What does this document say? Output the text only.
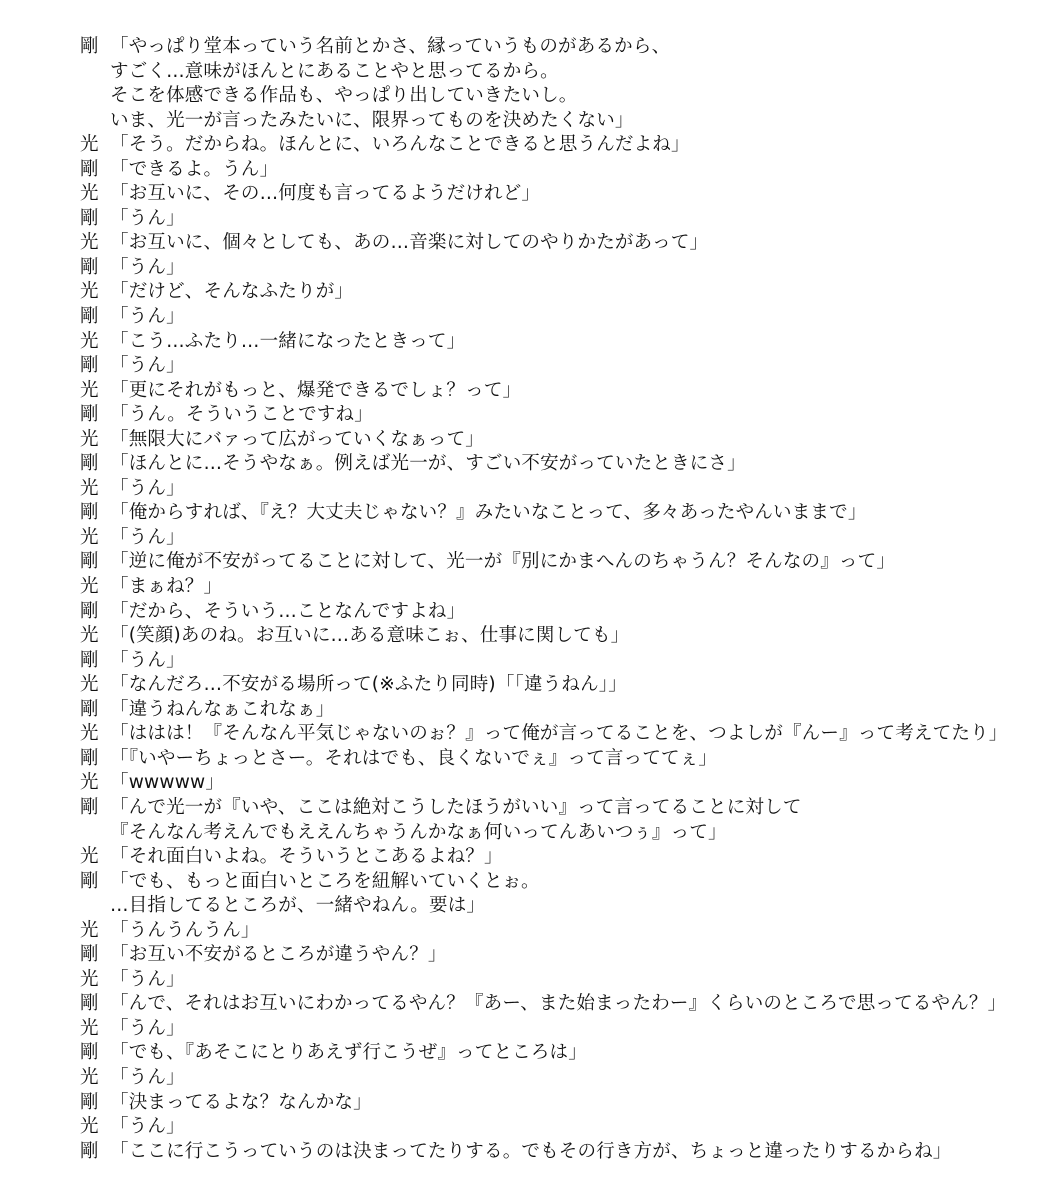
剛 「やっぱり堂本っていう名前とかさ、縁っていうものがあるから、
すごく…意味がほんとにあることやと思ってるから。
そこを体感できる作品も、やっぱり出していきたいし。
いま、光一が言ったみたいに、限界ってものを決めたくない」
光 「そう。だからね。ほんとに、いろんなことできると思うんだよね」
剛 「できるよ。うん」
光 「お互いに、その…何度も言ってるようだけれど」
剛 「うん」
光 「お互いに、個々としても、あの…音楽に対してのやりかたがあって」
剛 「うん」
光 「だけど、そんなふたりが」
剛 「うん」
光 「こう…ふたり…一緒になったときって」
剛 「うん」
光 「更にそれがもっと、爆発できるでしょ？って」
剛 「うん。そういうことですね」
光 「無限大にバァって広がっていくなぁって」
剛 「ほんとに…そうやなぁ。例えば光一が、すごい不安がっていたときにさ」
光 「うん」
剛 「俺からすれば、『え？大丈夫じゃない？』みたいなことって、多々あったやんいままで」
光 「うん」
剛 「逆に俺が不安がってることに対して、光一が『別にかまへんのちゃうん？そんなの』って」
光 「まぁね？」
剛 「だから、そういう…ことなんですよね」
光 「(笑顔)あのね。お互いに…ある意味こぉ、仕事に関しても」
剛 「うん」
光 「なんだろ…不安がる場所って(※ふたり同時)「「違うねん」」
剛 「違うねんなぁこれなぁ」
光 「ははは！『そんなん平気じゃないのぉ？』って俺が言ってることを、つよしが『んー』って考えてたり」
剛 「『いやーちょっとさー。それはでも、良くないでぇ』って言っててぇ」
光 「wwwww」
剛 「んで光一が『いや、ここは絶対こうしたほうがいい』って言ってることに対して
『そんなん考えんでもええんちゃうんかなぁ何いってんあいつぅ』って」
光 「それ面白いよね。そういうとこあるよね？」
剛 「でも、もっと面白いところを紐解いていくとぉ。
…目指してるところが、一緒やねん。要は」
光 「うんうんうん」
剛 「お互い不安がるところが違うやん？」
光 「うん」
剛 「んで、それはお互いにわかってるやん？『あー、また始まったわー』くらいのところで思ってるやん？」
光 「うん」
剛 「でも、『あそこにとりあえず行こうぜ』ってところは」
光 「うん」
剛 「決まってるよな？なんかな」
光 「うん」
剛 「ここに行こうっていうのは決まってたりする。でもその行き方が、ちょっと違ったりするからね」
